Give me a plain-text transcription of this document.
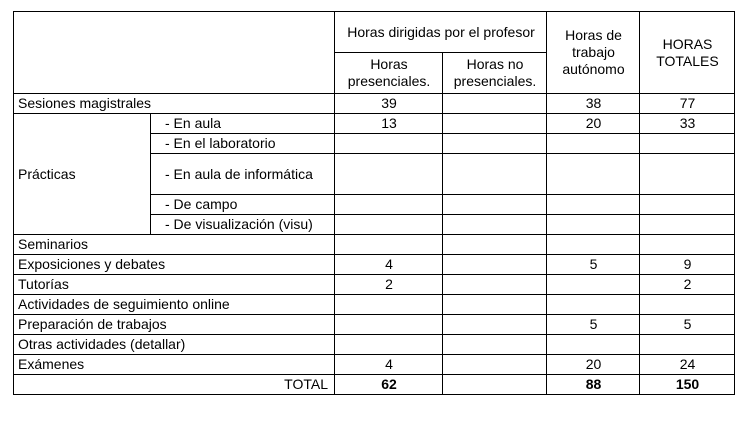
		Horas dirigidas por el profesor		Horas de trabajo autónomo	HORAS TOTALES
		Horas presenciales.	Horas no presenciales.		
Sesiones magistrales		39		38	77
Prácticas	- En aula	13		20	33
	- En el laboratorio				
	- En aula de informática				
	- De campo				
	- De visualización (visu)				
Seminarios					
Exposiciones y debates		4		5	9
Tutorías		2			2
Actividades de seguimiento online					
Preparación de trabajos				5	5
Otras actividades (detallar)					
Exámenes		4		20	24
TOTAL		62		88	150
